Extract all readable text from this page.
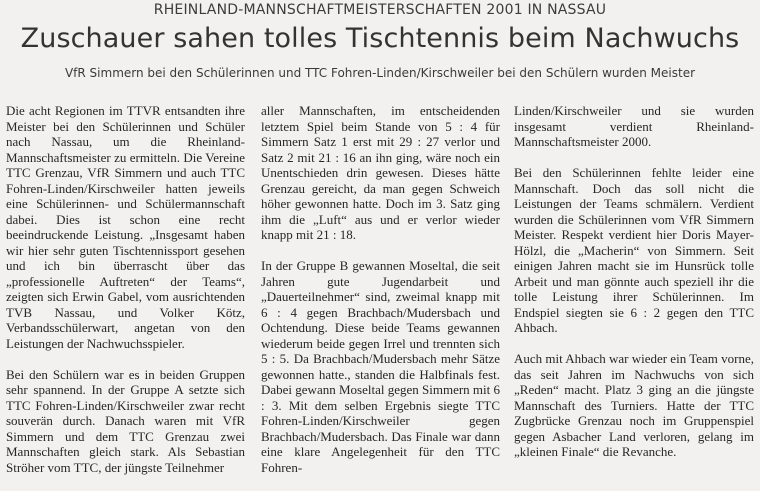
RHEINLAND-MANNSCHAFTMEISTERSCHAFTEN 2001 IN NASSAU
Zuschauer sahen tolles Tischtennis beim Nachwuchs
VfR Simmern bei den Schülerinnen und TTC Fohren-Linden/Kirschweiler bei den Schülern wurden Meister

Die acht Regionen im TTVR entsandten ihre Meister bei den Schülerinnen und Schüler nach Nassau, um die Rheinland-Mannschaftsmeister zu ermitteln. Die Vereine TTC Grenzau, VfR Simmern und auch TTC Fohren-Linden/Kirschweiler hatten jeweils eine Schülerinnen- und Schülermannschaft dabei. Dies ist schon eine recht beeindruckende Leistung. „Insgesamt haben wir hier sehr guten Tischtennissport gesehen und ich bin überrascht über das „professionelle Auftreten“ der Teams“, zeigten sich Erwin Gabel, vom ausrichtenden TVB Nassau, und Volker Kötz, Verbandsschülerwart, angetan von den Leistungen der Nachwuchsspieler.

Bei den Schülern war es in beiden Gruppen sehr spannend. In der Gruppe A setzte sich TTC Fohren-Linden/Kirschweiler zwar recht souverän durch. Danach waren mit VfR Simmern und dem TTC Grenzau zwei Mannschaften gleich stark. Als Sebastian Ströher vom TTC, der jüngste Teilnehmer

aller Mannschaften, im entscheidenden letztem Spiel beim Stande von 5 : 4 für Simmern Satz 1 erst mit 29 : 27 verlor und Satz 2 mit 21 : 16 an ihn ging, wäre noch ein Unentschieden drin gewesen. Dieses hätte Grenzau gereicht, da man gegen Schweich höher gewonnen hatte. Doch im 3. Satz ging ihm die „Luft“ aus und er verlor wieder knapp mit 21 : 18.

In der Gruppe B gewannen Moseltal, die seit Jahren gute Jugendarbeit und „Dauerteilnehmer“ sind, zweimal knapp mit 6 : 4 gegen Brachbach/Mudersbach und Ochtendung. Diese beide Teams gewannen wiederum beide gegen Irrel und trennten sich 5 : 5. Da Brachbach/Mudersbach mehr Sätze gewonnen hatte., standen die Halbfinals fest. Dabei gewann Moseltal gegen Simmern mit 6 : 3. Mit dem selben Ergebnis siegte TTC Fohren-Linden/Kirschweiler gegen Brachbach/Mudersbach. Das Finale war dann eine klare Angelegenheit für den TTC Fohren-

Linden/Kirschweiler und sie wurden insgesamt verdient Rheinland-Mannschaftsmeister 2000.

Bei den Schülerinnen fehlte leider eine Mannschaft. Doch das soll nicht die Leistungen der Teams schmälern. Verdient wurden die Schülerinnen vom VfR Simmern Meister. Respekt verdient hier Doris Mayer-Hölzl, die „Macherin“ von Simmern. Seit einigen Jahren macht sie im Hunsrück tolle Arbeit und man gönnte auch speziell ihr die tolle Leistung ihrer Schülerinnen. Im Endspiel siegten sie 6 : 2 gegen den TTC Ahbach.

Auch mit Ahbach war wieder ein Team vorne, das seit Jahren im Nachwuchs von sich „Reden“ macht. Platz 3 ging an die jüngste Mannschaft des Turniers. Hatte der TTC Zugbrücke Grenzau noch im Gruppenspiel gegen Asbacher Land verloren, gelang im „kleinen Finale“ die Revanche.
